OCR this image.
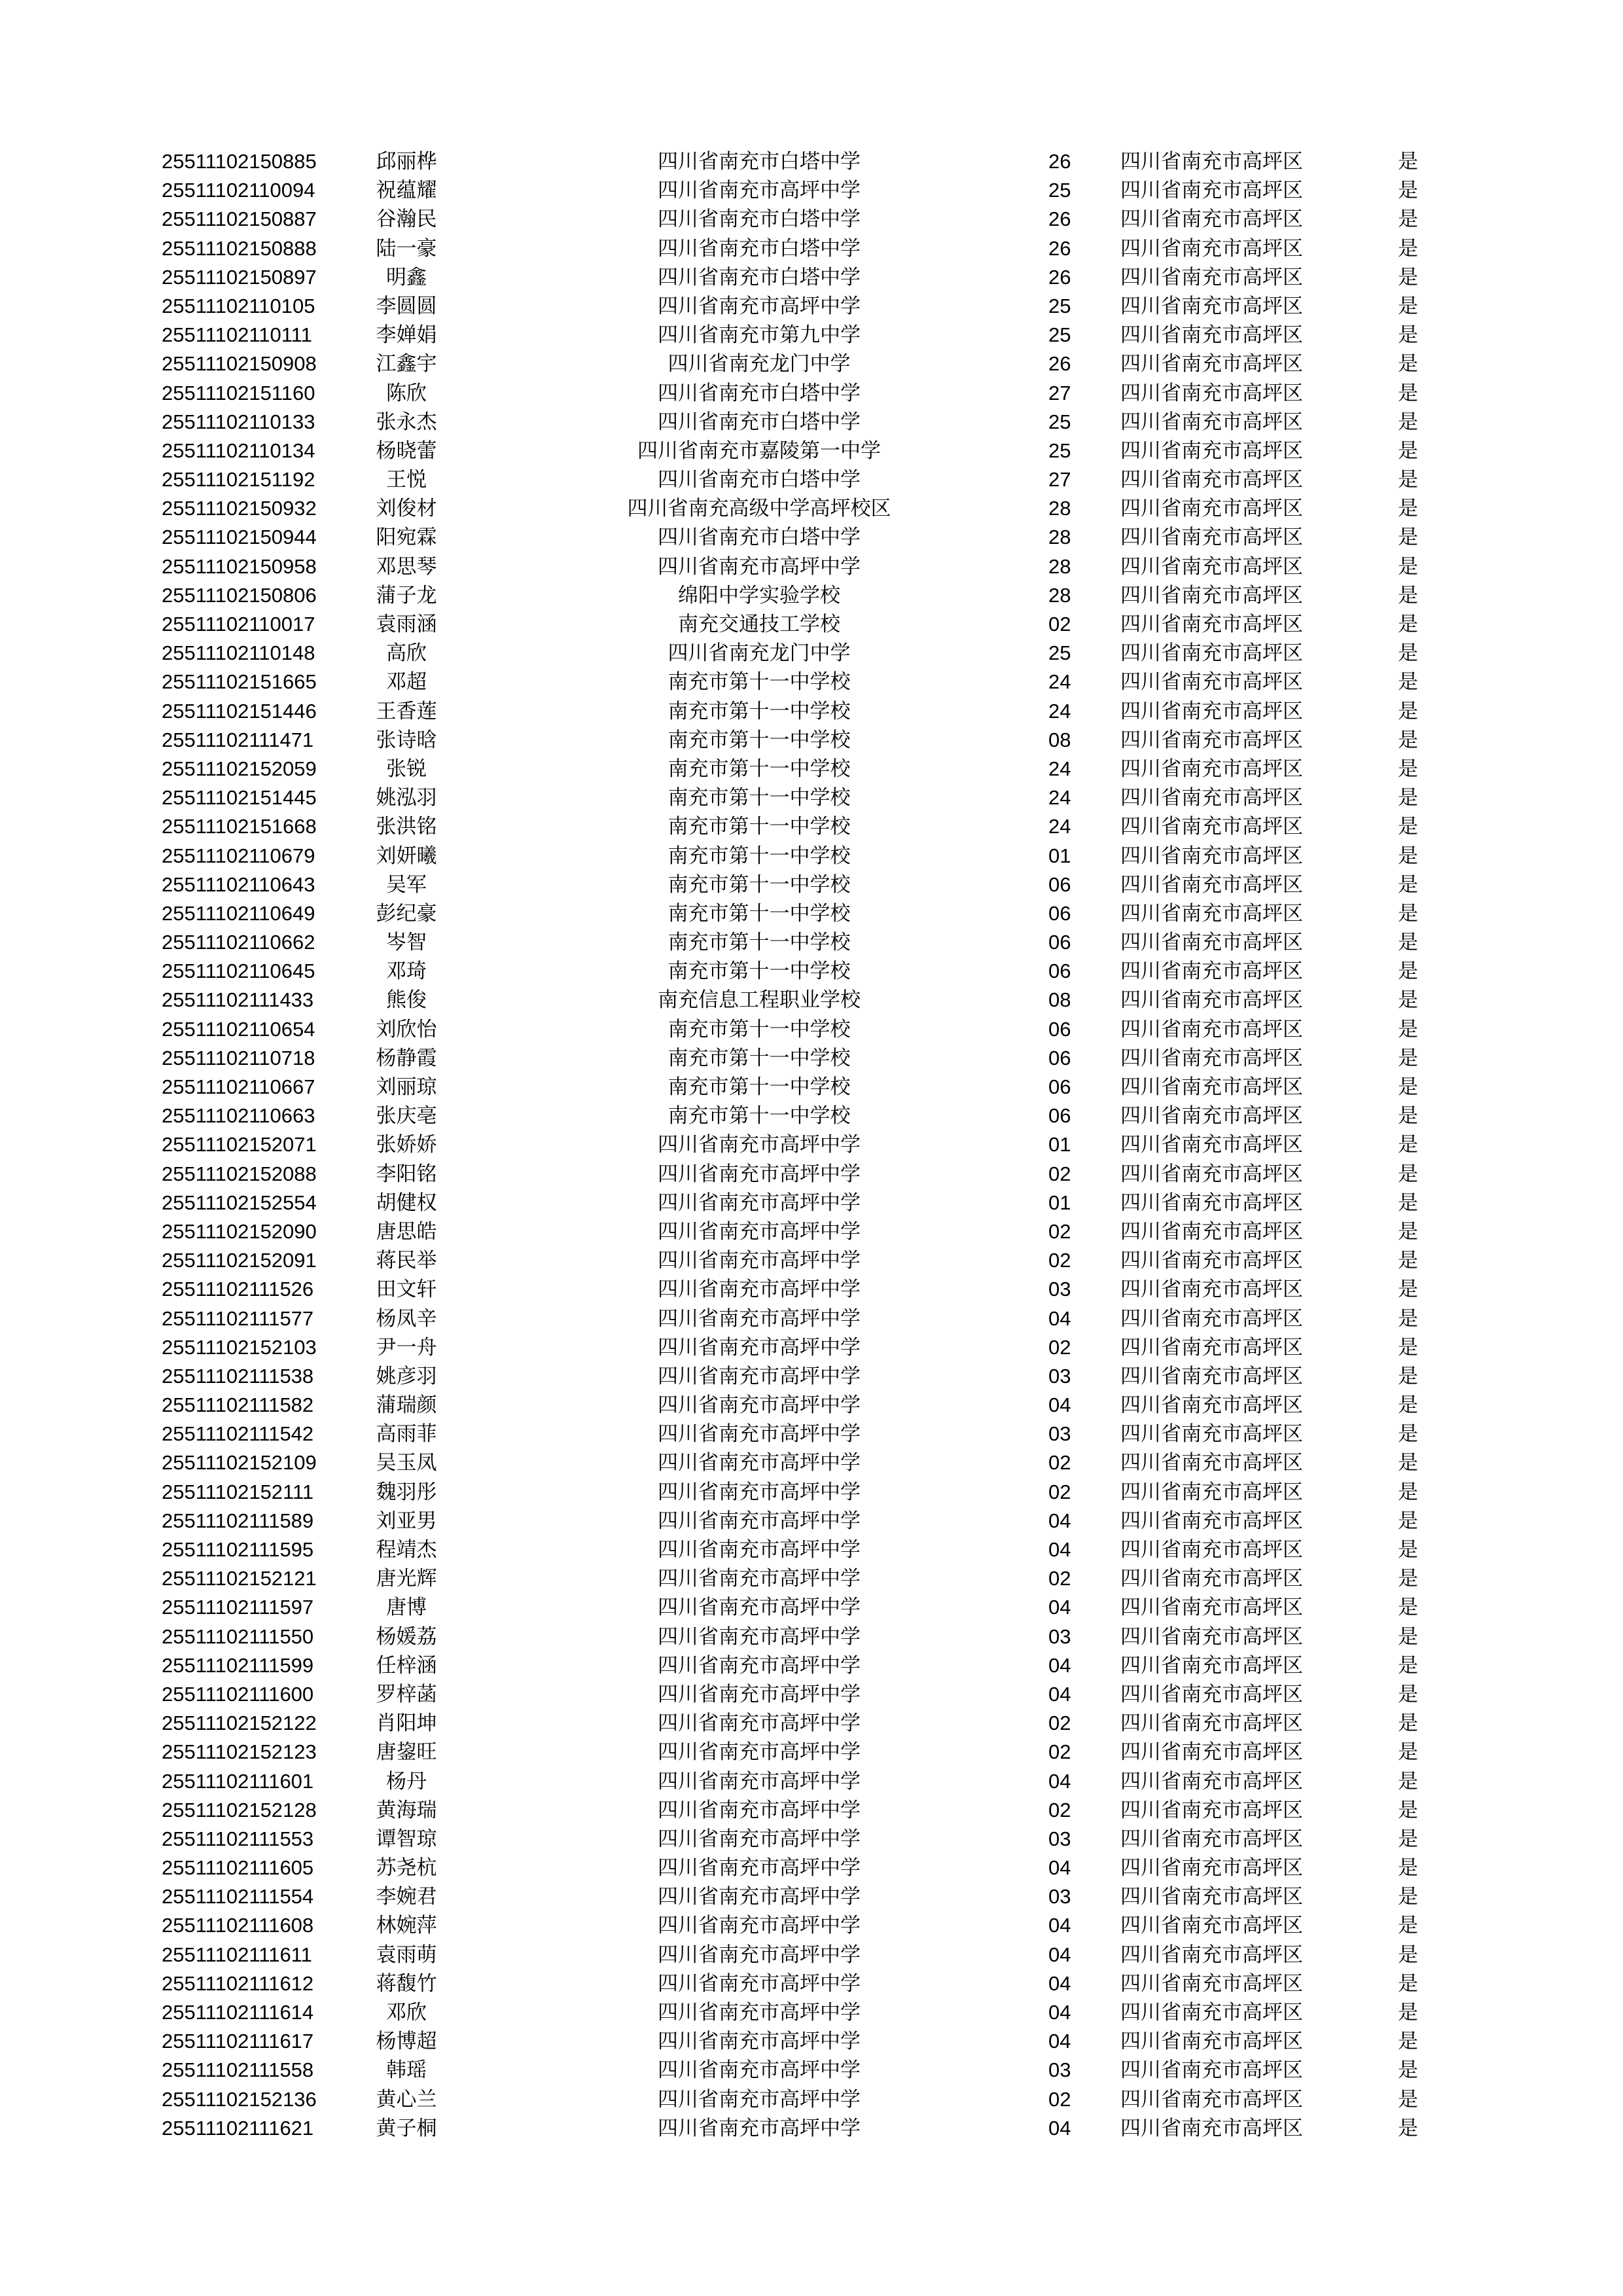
25511102150885	邱丽桦	四川省南充市白塔中学	26 四川省南充市高坪区	是
25511102110094	祝蕴耀	四川省南充市高坪中学	25 四川省南充市高坪区	是
25511102150887	谷瀚民	四川省南充市白塔中学	26 四川省南充市高坪区	是
25511102150888	陆一豪	四川省南充市白塔中学	26 四川省南充市高坪区	是
25511102150897	明鑫	四川省南充市白塔中学	26 四川省南充市高坪区	是
25511102110105	李圆圆	四川省南充市高坪中学	25 四川省南充市高坪区	是
25511102110111	李婵娟	四川省南充市第九中学	25 四川省南充市高坪区	是
25511102150908	江鑫宇	四川省南充龙门中学	26 四川省南充市高坪区	是
25511102151160	陈欣	四川省南充市白塔中学	27 四川省南充市高坪区	是
25511102110133	张永杰	四川省南充市白塔中学	25 四川省南充市高坪区	是
25511102110134	杨晓蕾	四川省南充市嘉陵第一中学	25 四川省南充市高坪区	是
25511102151192	王悦	四川省南充市白塔中学	27 四川省南充市高坪区	是
25511102150932	刘俊材	四川省南充高级中学高坪校区	28 四川省南充市高坪区	是
25511102150944	阳宛霖	四川省南充市白塔中学	28 四川省南充市高坪区	是
25511102150958	邓思琴	四川省南充市高坪中学	28 四川省南充市高坪区	是
25511102150806	蒲子龙	绵阳中学实验学校	28 四川省南充市高坪区	是
25511102110017	袁雨涵	南充交通技工学校	02 四川省南充市高坪区	是
25511102110148	高欣	四川省南充龙门中学	25 四川省南充市高坪区	是
25511102151665	邓超	南充市第十一中学校	24 四川省南充市高坪区	是
25511102151446	王香莲	南充市第十一中学校	24 四川省南充市高坪区	是
25511102111471	张诗晗	南充市第十一中学校	08 四川省南充市高坪区	是
25511102152059	张锐	南充市第十一中学校	24 四川省南充市高坪区	是
25511102151445	姚泓羽	南充市第十一中学校	24 四川省南充市高坪区	是
25511102151668	张洪铭	南充市第十一中学校	24 四川省南充市高坪区	是
25511102110679	刘妍曦	南充市第十一中学校	01 四川省南充市高坪区	是
25511102110643	吴军	南充市第十一中学校	06 四川省南充市高坪区	是
25511102110649	彭纪豪	南充市第十一中学校	06 四川省南充市高坪区	是
25511102110662	岑智	南充市第十一中学校	06 四川省南充市高坪区	是
25511102110645	邓琦	南充市第十一中学校	06 四川省南充市高坪区	是
25511102111433	熊俊	南充信息工程职业学校	08 四川省南充市高坪区	是
25511102110654	刘欣怡	南充市第十一中学校	06 四川省南充市高坪区	是
25511102110718	杨静霞	南充市第十一中学校	06 四川省南充市高坪区	是
25511102110667	刘丽琼	南充市第十一中学校	06 四川省南充市高坪区	是
25511102110663	张庆亳	南充市第十一中学校	06 四川省南充市高坪区	是
25511102152071	张娇娇	四川省南充市高坪中学	01 四川省南充市高坪区	是
25511102152088	李阳铭	四川省南充市高坪中学	02 四川省南充市高坪区	是
25511102152554	胡健权	四川省南充市高坪中学	01 四川省南充市高坪区	是
25511102152090	唐思皓	四川省南充市高坪中学	02 四川省南充市高坪区	是
25511102152091	蒋民举	四川省南充市高坪中学	02 四川省南充市高坪区	是
25511102111526	田文轩	四川省南充市高坪中学	03 四川省南充市高坪区	是
25511102111577	杨凤辛	四川省南充市高坪中学	04 四川省南充市高坪区	是
25511102152103	尹一舟	四川省南充市高坪中学	02 四川省南充市高坪区	是
25511102111538	姚彦羽	四川省南充市高坪中学	03 四川省南充市高坪区	是
25511102111582	蒲瑞颜	四川省南充市高坪中学	04 四川省南充市高坪区	是
25511102111542	高雨菲	四川省南充市高坪中学	03 四川省南充市高坪区	是
25511102152109	吴玉凤	四川省南充市高坪中学	02 四川省南充市高坪区	是
25511102152111	魏羽彤	四川省南充市高坪中学	02 四川省南充市高坪区	是
25511102111589	刘亚男	四川省南充市高坪中学	04 四川省南充市高坪区	是
25511102111595	程靖杰	四川省南充市高坪中学	04 四川省南充市高坪区	是
25511102152121	唐光辉	四川省南充市高坪中学	02 四川省南充市高坪区	是
25511102111597	唐博	四川省南充市高坪中学	04 四川省南充市高坪区	是
25511102111550	杨媛荔	四川省南充市高坪中学	03 四川省南充市高坪区	是
25511102111599	任梓涵	四川省南充市高坪中学	04 四川省南充市高坪区	是
25511102111600	罗梓菡	四川省南充市高坪中学	04 四川省南充市高坪区	是
25511102152122	肖阳坤	四川省南充市高坪中学	02 四川省南充市高坪区	是
25511102152123	唐鋆旺	四川省南充市高坪中学	02 四川省南充市高坪区	是
25511102111601	杨丹	四川省南充市高坪中学	04 四川省南充市高坪区	是
25511102152128	黄海瑞	四川省南充市高坪中学	02 四川省南充市高坪区	是
25511102111553	谭智琼	四川省南充市高坪中学	03 四川省南充市高坪区	是
25511102111605	苏尧杭	四川省南充市高坪中学	04 四川省南充市高坪区	是
25511102111554	李婉君	四川省南充市高坪中学	03 四川省南充市高坪区	是
25511102111608	林婉萍	四川省南充市高坪中学	04 四川省南充市高坪区	是
25511102111611	袁雨萌	四川省南充市高坪中学	04 四川省南充市高坪区	是
25511102111612	蒋馥竹	四川省南充市高坪中学	04 四川省南充市高坪区	是
25511102111614	邓欣	四川省南充市高坪中学	04 四川省南充市高坪区	是
25511102111617	杨博超	四川省南充市高坪中学	04 四川省南充市高坪区	是
25511102111558	韩瑶	四川省南充市高坪中学	03 四川省南充市高坪区	是
25511102152136	黄心兰	四川省南充市高坪中学	02 四川省南充市高坪区	是
25511102111621	黄子桐	四川省南充市高坪中学	04 四川省南充市高坪区	是
